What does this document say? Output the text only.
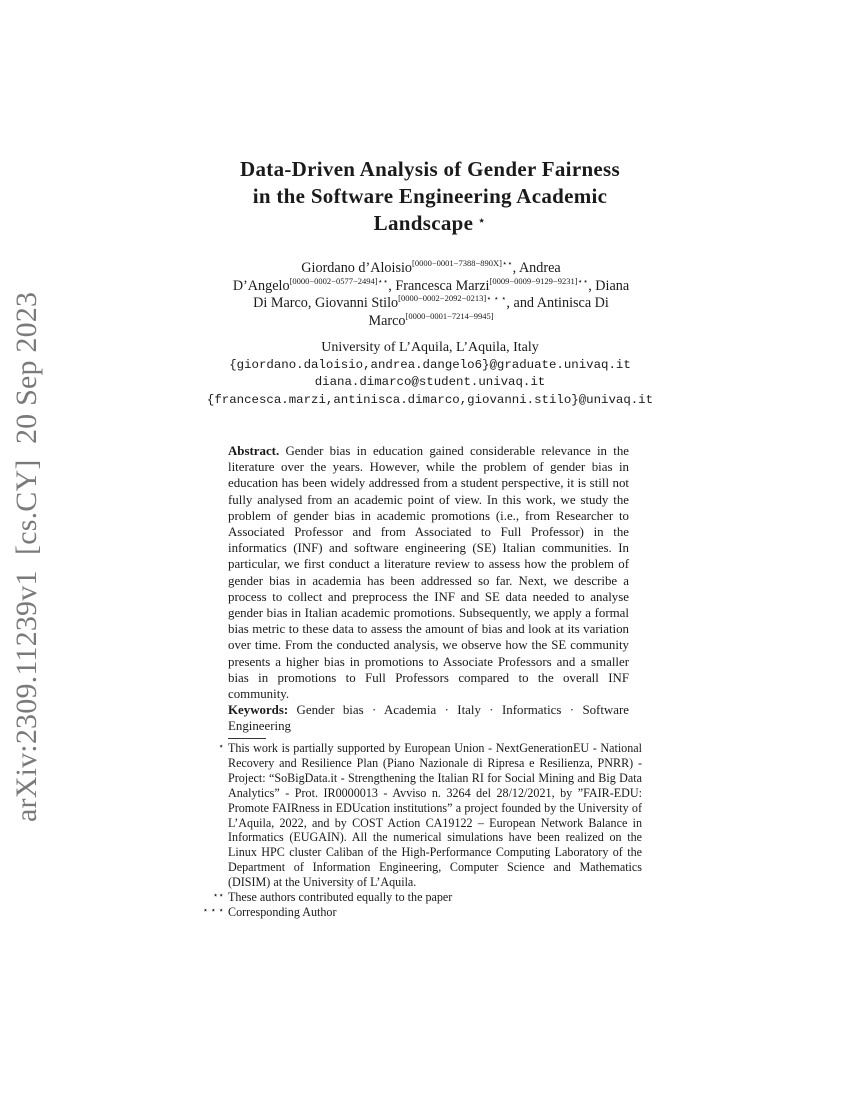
arXiv:2309.11239v1  [cs.CY]  20 Sep 2023
Data-Driven Analysis of Gender Fairness
in the Software Engineering Academic
Landscape ⋆
Giordano d’Aloisio$^{[0000-0001-7388-890X]⋆⋆}$, Andrea
D’Angelo$^{[0000-0002-0577-2494]⋆⋆}$, Francesca Marzi$^{[0009-0009-9129-9231]⋆⋆}$, Diana
Di Marco, Giovanni Stilo$^{[0000-0002-2092-0213]⋆ ⋆ ⋆}$, and Antinisca Di
Marco[0000−0001−7214−9945]
University of L’Aquila, L’Aquila, Italy
{giordano.daloisio,andrea.dangelo6}@graduate.univaq.it
diana.dimarco@student.univaq.it
{francesca.marzi,antinisca.dimarco,giovanni.stilo}@univaq.it
Abstract. Gender bias in education gained considerable relevance in the literature over the years. However, while the problem of gender bias in education has been widely addressed from a student perspective, it is still not fully analysed from an academic point of view. In this work, we study the problem of gender bias in academic promotions (i.e., from Researcher to Associated Professor and from Associated to Full Professor) in the informatics (INF) and software engineering (SE) Italian communities. In particular, we first conduct a literature review to assess how the problem of gender bias in academia has been addressed so far. Next, we describe a process to collect and preprocess the INF and SE data needed to analyse gender bias in Italian academic promotions. Subsequently, we apply a formal bias metric to these data to assess the amount of bias and look at its variation over time. From the conducted analysis, we observe how the SE community presents a higher bias in promotions to Associate Professors and a smaller bias in promotions to Full Professors compared to the overall INF community.
Keywords: Gender bias · Academia · Italy · Informatics · Software Engineering
⋆ This work is partially supported by European Union - NextGenerationEU - National Recovery and Resilience Plan (Piano Nazionale di Ripresa e Resilienza, PNRR) - Project: “SoBigData.it - Strengthening the Italian RI for Social Mining and Big Data Analytics” - Prot. IR0000013 - Avviso n. 3264 del 28/12/2021, by ”FAIR-EDU: Promote FAIRness in EDUcation institutions” a project founded by the University of L’Aquila, 2022, and by COST Action CA19122 – European Network Balance in Informatics (EUGAIN). All the numerical simulations have been realized on the Linux HPC cluster Caliban of the High-Performance Computing Laboratory of the Department of Information Engineering, Computer Science and Mathematics (DISIM) at the University of L’Aquila.
⋆⋆ These authors contributed equally to the paper
⋆ ⋆ ⋆ Corresponding Author
